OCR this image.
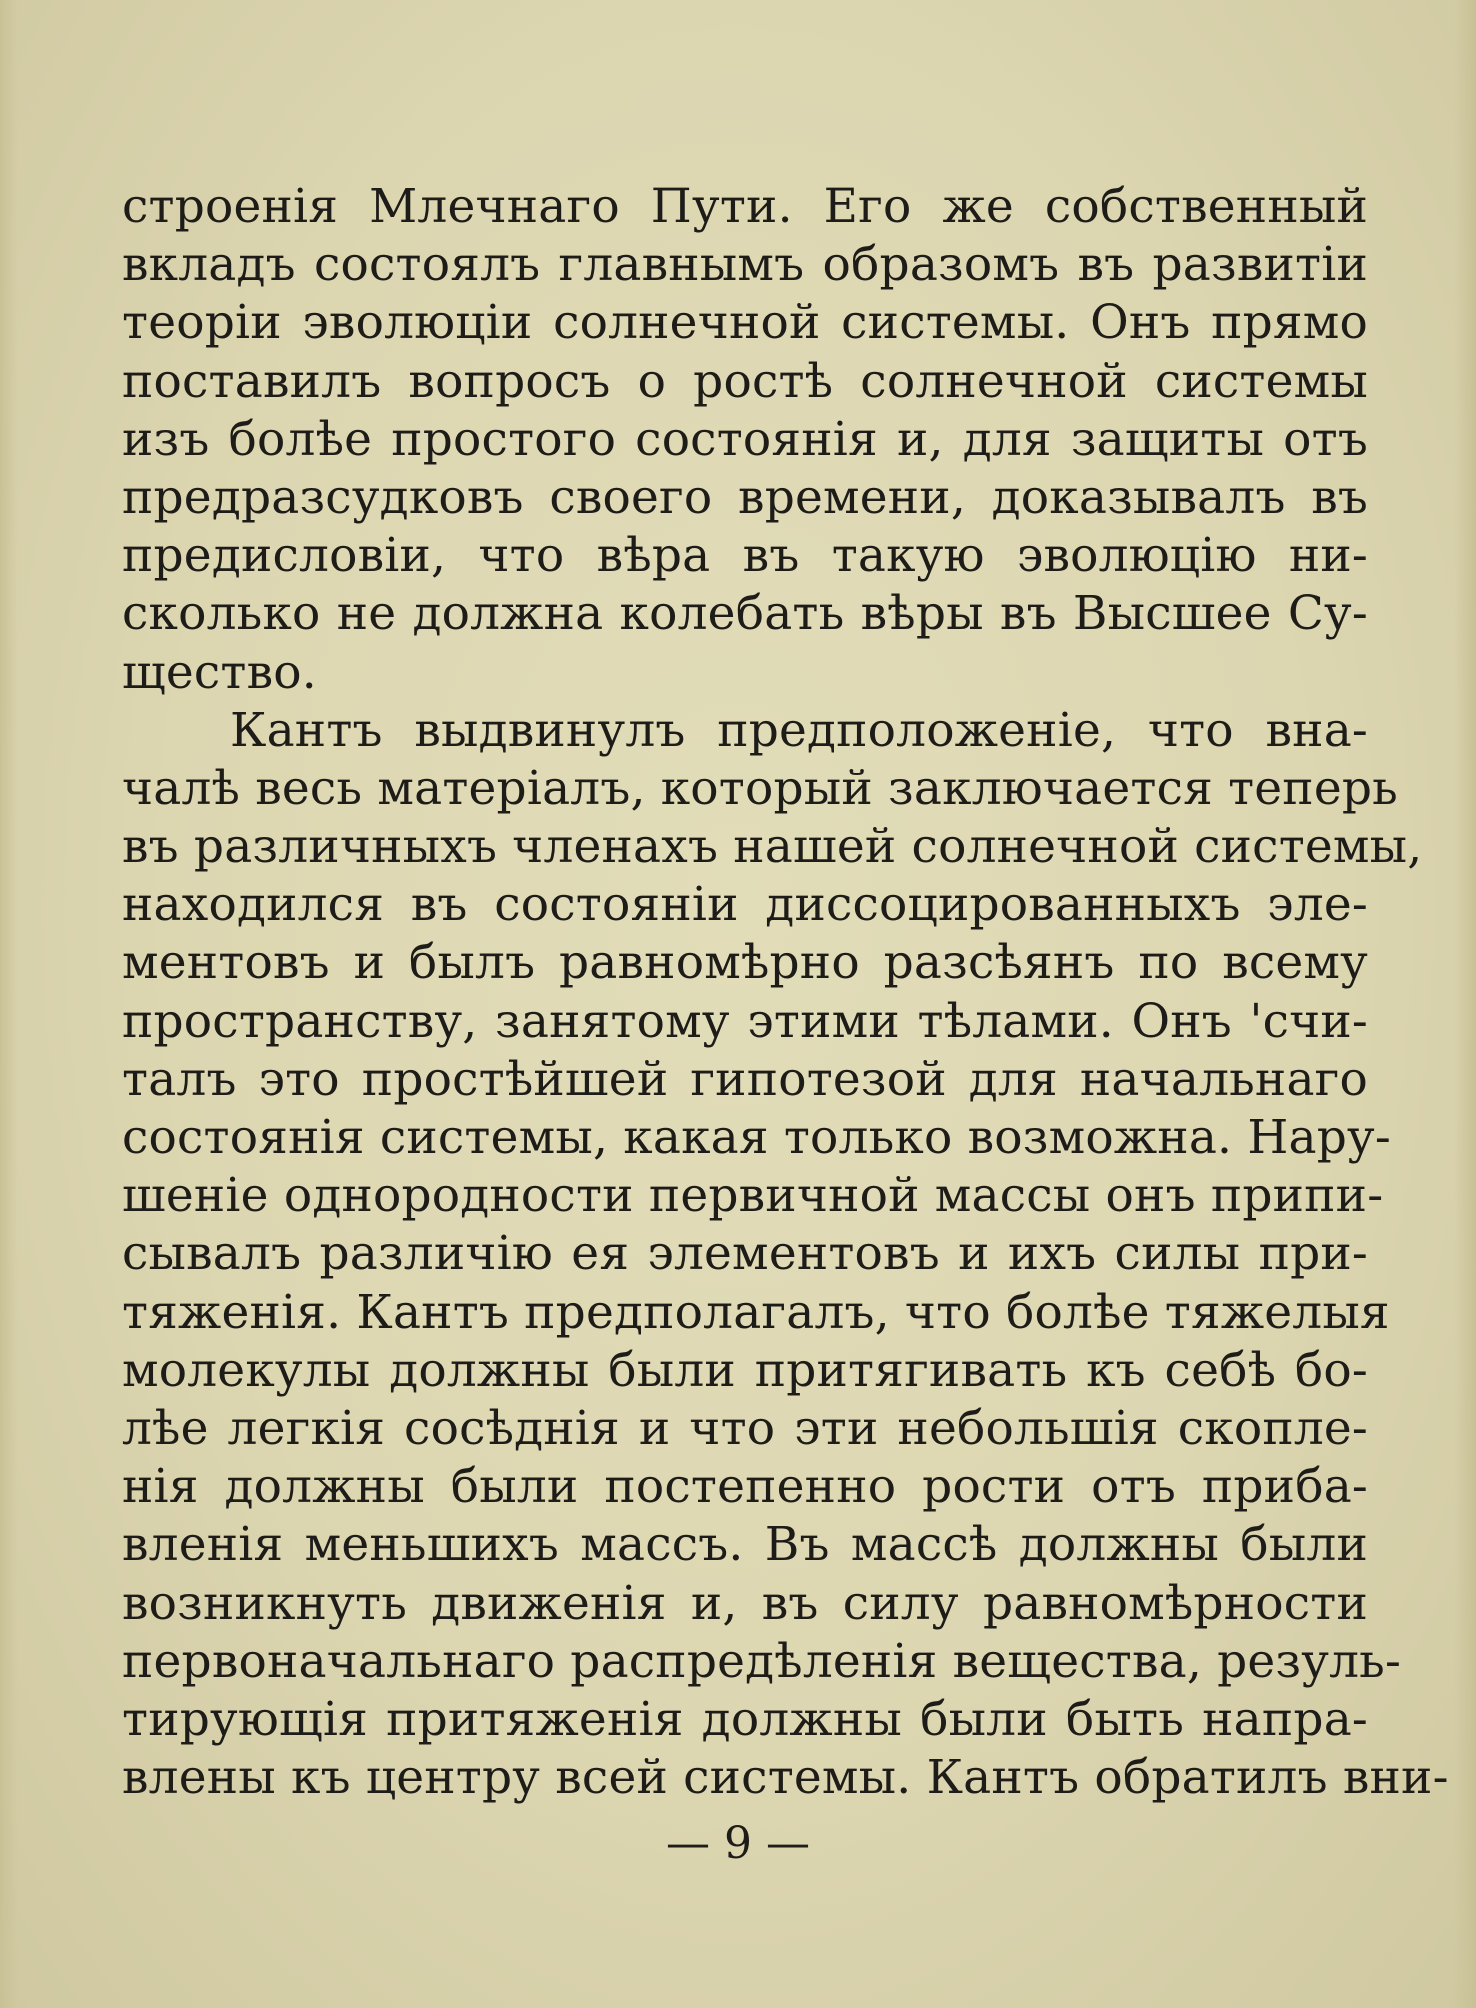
строенія Млечнаго Пути. Его же собственный
вкладъ состоялъ главнымъ образомъ въ развитіи
теоріи эволюціи солнечной системы. Онъ прямо
поставилъ вопросъ о ростѣ солнечной системы
изъ болѣе простого состоянія и, для защиты отъ
предразсудковъ своего времени, доказывалъ въ
предисловіи, что вѣра въ такую эволюцію ни-
сколько не должна колебать вѣры въ Высшее Су-
щество.
Кантъ выдвинулъ предположеніе, что вна-
чалѣ весь матеріалъ, который заключается теперь
въ различныхъ членахъ нашей солнечной системы,
находился въ состояніи диссоцированныхъ эле-
ментовъ и былъ равномѣрно разсѣянъ по всему
пространству, занятому этими тѣлами. Онъ 'счи-
талъ это простѣйшей гипотезой для начальнаго
состоянія системы, какая только возможна. Нару-
шеніе однородности первичной массы онъ припи-
сывалъ различію ея элементовъ и ихъ силы при-
тяженія. Кантъ предполагалъ, что болѣе тяжелыя
молекулы должны были притягивать къ себѣ бо-
лѣе легкія сосѣднія и что эти небольшія скопле-
нія должны были постепенно рости отъ приба-
вленія меньшихъ массъ. Въ массѣ должны были
возникнуть движенія и, въ силу равномѣрности
первоначальнаго распредѣленія вещества, резуль-
тирующія притяженія должны были быть напра-
влены къ центру всей системы. Кантъ обратилъ вни-
— 9 —
